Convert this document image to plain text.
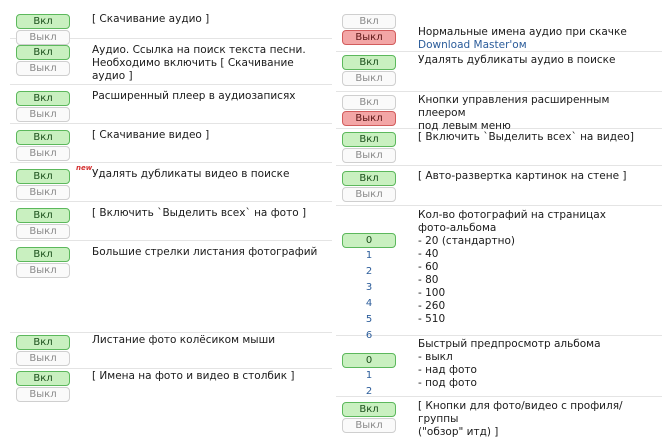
Вкл
Выкл
[ Скачивание аудио ]
Вкл
Выкл
Аудио. Ссылка на поиск текста песни.
Необходимо включить [ Скачивание аудио ]
Вкл
Выкл
Расширенный плеер в аудиозаписях
Вкл
Выкл
[ Скачивание видео ]
Вкл
Выкл
new Удалять дубликаты видео в поиске
Вкл
Выкл
[ Включить `Выделить всех` на фото ]
Вкл
Выкл
Большие стрелки листания фотографий
Вкл
Выкл
Листание фото колёсиком мыши
Вкл
Выкл
[ Имена на фото и видео в столбик ]
Вкл
Выкл	Нормальные имена аудио при скачке

Download Master'ом

Вкл
Выкл
Удалять дубликаты аудио в поиске
Вкл
Выкл
Кнопки управления расширенным плеером
под левым меню
Вкл
Выкл
[ Включить `Выделить всех` на видео]
Вкл
Выкл
[ Авто-развертка картинок на стене ]
0
1
2
3
4
5
6
Кол-во фотографий на страницах
фото-альбома
- 20 (стандартно)
- 40
- 60
- 80
- 100
- 260
- 510
0
1
2
Быстрый предпросмотр альбома
- выкл
- над фото
- под фото
Вкл
Выкл
[ Кнопки для фото/видео с профиля/группы
("обзор" итд) ]
